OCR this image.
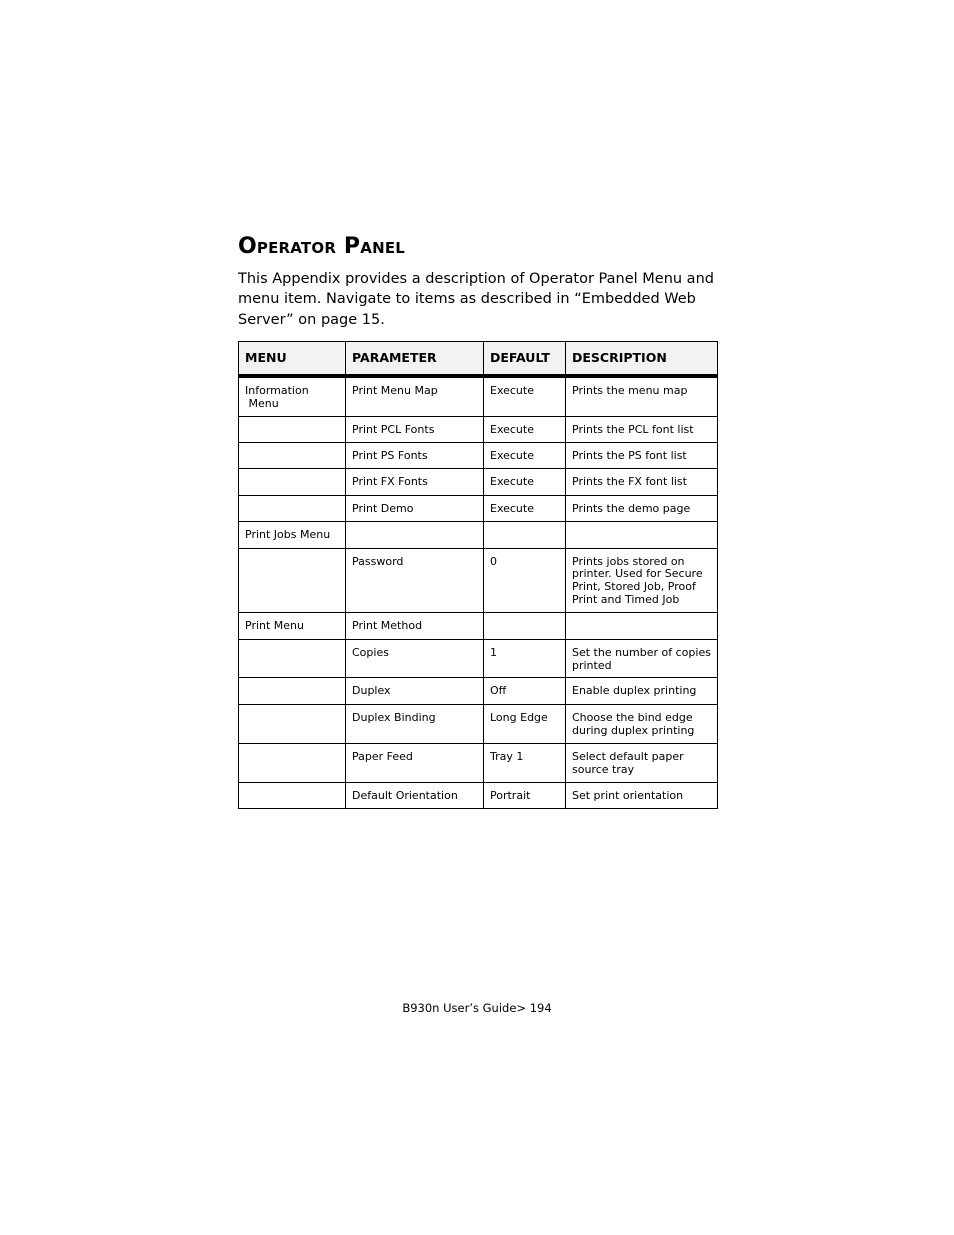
Operator Panel

This Appendix provides a description of Operator Panel Menu and
menu item. Navigate to items as described in “Embedded Web
Server” on page 15.

MENU	PARAMETER	DEFAULT	DESCRIPTION
Information
Menu	Print Menu Map	Execute	Prints the menu map
	Print PCL Fonts	Execute	Prints the PCL font list
	Print PS Fonts	Execute	Prints the PS font list
	Print FX Fonts	Execute	Prints the FX font list
	Print Demo	Execute	Prints the demo page
Print Jobs Menu			
	Password	0	Prints jobs stored on printer. Used for Secure Print, Stored Job, Proof Print and Timed Job
Print Menu	Print Method		
	Copies	1	Set the number of copies printed
	Duplex	Off	Enable duplex printing
	Duplex Binding	Long Edge	Choose the bind edge during duplex printing
	Paper Feed	Tray 1	Select default paper source tray
	Default Orientation	Portrait	Set print orientation
B930n User’s Guide> 194
